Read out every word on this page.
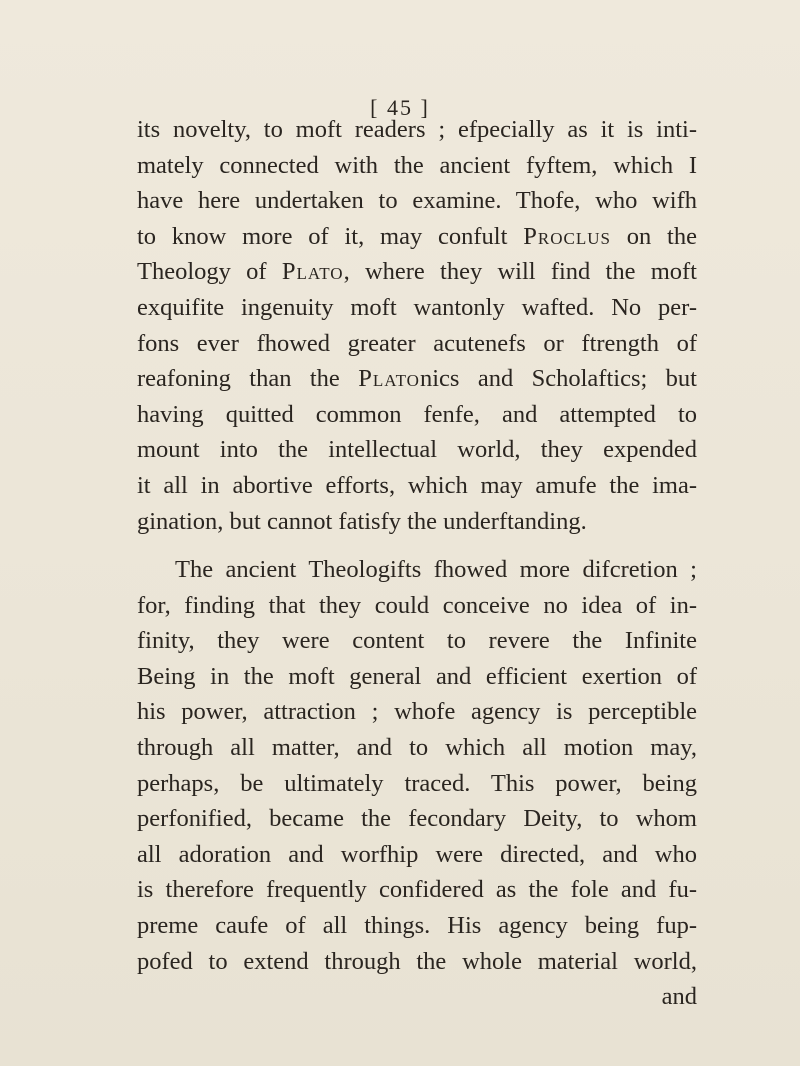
[ 45 ]
its novelty, to moft readers ; efpecially as it is inti-
mately connected with the ancient fyftem, which I
have here undertaken to examine. Thofe, who wifh
to know more of it, may confult Proclus on the
Theology of Plato, where they will find the moft
exquifite ingenuity moft wantonly wafted. No per-
fons ever fhowed greater acutenefs or ftrength of
reafoning than the Platonics and Scholaftics; but
having quitted common fenfe, and attempted to
mount into the intellectual world, they expended
it all in abortive efforts, which may amufe the ima-
gination, but cannot fatisfy the underftanding.
The ancient Theologifts fhowed more difcretion ;
for, finding that they could conceive no idea of in-
finity, they were content to revere the Infinite
Being in the moft general and efficient exertion of
his power, attraction ; whofe agency is perceptible
through all matter, and to which all motion may,
perhaps, be ultimately traced. This power, being
perfonified, became the fecondary Deity, to whom
all adoration and worfhip were directed, and who
is therefore frequently confidered as the fole and fu-
preme caufe of all things. His agency being fup-
pofed to extend through the whole material world,
and
